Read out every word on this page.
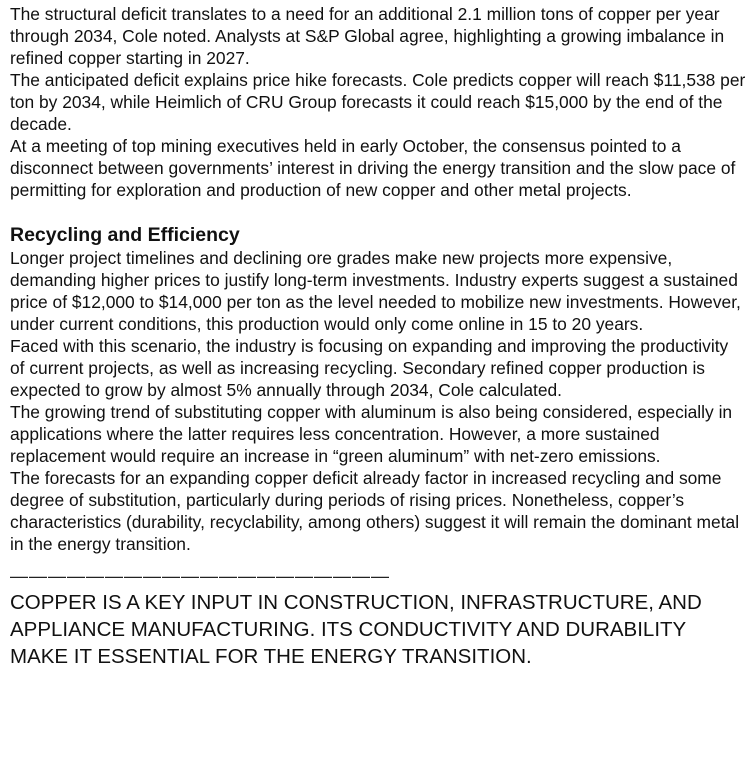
The structural deficit translates to a need for an additional 2.1 million tons of copper per year through 2034, Cole noted. Analysts at S&P Global agree, highlighting a growing imbalance in refined copper starting in 2027.

The anticipated deficit explains price hike forecasts. Cole predicts copper will reach $11,538 per ton by 2034, while Heimlich of CRU Group forecasts it could reach $15,000 by the end of the decade.

At a meeting of top mining executives held in early October, the consensus pointed to a disconnect between governments’ interest in driving the energy transition and the slow pace of permitting for exploration and production of new copper and other metal projects.

Recycling and Efficiency

Longer project timelines and declining ore grades make new projects more expensive, demanding higher prices to justify long-term investments. Industry experts suggest a sustained price of $12,000 to $14,000 per ton as the level needed to mobilize new investments. However, under current conditions, this production would only come online in 15 to 20 years.

Faced with this scenario, the industry is focusing on expanding and improving the productivity of current projects, as well as increasing recycling. Secondary refined copper production is expected to grow by almost 5% annually through 2034, Cole calculated.

The growing trend of substituting copper with aluminum is also being considered, especially in applications where the latter requires less concentration. However, a more sustained replacement would require an increase in “green aluminum” with net-zero emissions.

The forecasts for an expanding copper deficit already factor in increased recycling and some degree of substitution, particularly during periods of rising prices. Nonetheless, copper’s characteristics (durability, recyclability, among others) suggest it will remain the dominant metal in the energy transition.

————————————————————
COPPER IS A KEY INPUT IN CONSTRUCTION, INFRASTRUCTURE, AND APPLIANCE MANUFACTURING. ITS CONDUCTIVITY AND DURABILITY MAKE IT ESSENTIAL FOR THE ENERGY TRANSITION.
